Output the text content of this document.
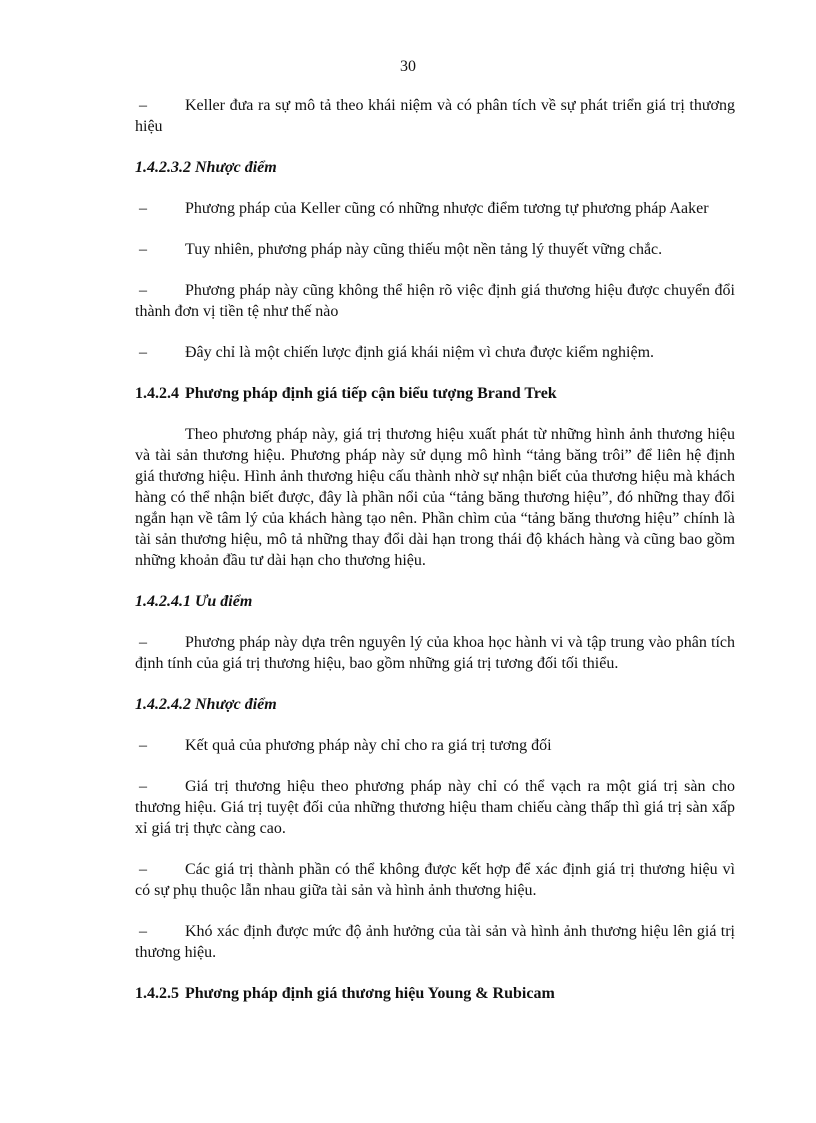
30

– Keller đưa ra sự mô tả theo khái niệm và có phân tích về sự phát triển giá trị thương hiệu

1.4.2.3.2 Nhược điểm

– Phương pháp của Keller cũng có những nhược điểm tương tự phương pháp Aaker

– Tuy nhiên, phương pháp này cũng thiếu một nền tảng lý thuyết vững chắc.

– Phương pháp này cũng không thể hiện rõ việc định giá thương hiệu được chuyển đổi thành đơn vị tiền tệ như thế nào

– Đây chỉ là một chiến lược định giá khái niệm vì chưa được kiểm nghiệm.

1.4.2.4 Phương pháp định giá tiếp cận biểu tượng Brand Trek

Theo phương pháp này, giá trị thương hiệu xuất phát từ những hình ảnh thương hiệu và tài sản thương hiệu. Phương pháp này sử dụng mô hình “tảng băng trôi” để liên hệ định giá thương hiệu. Hình ảnh thương hiệu cấu thành nhờ sự nhận biết của thương hiệu mà khách hàng có thể nhận biết được, đây là phần nổi của “tảng băng thương hiệu”, đó những thay đổi ngắn hạn về tâm lý của khách hàng tạo nên. Phần chìm của “tảng băng thương hiệu” chính là tài sản thương hiệu, mô tả những thay đổi dài hạn trong thái độ khách hàng và cũng bao gồm những khoản đầu tư dài hạn cho thương hiệu.

1.4.2.4.1 Ưu điểm

– Phương pháp này dựa trên nguyên lý của khoa học hành vi và tập trung vào phân tích định tính của giá trị thương hiệu, bao gồm những giá trị tương đối tối thiểu.

1.4.2.4.2 Nhược điểm

– Kết quả của phương pháp này chỉ cho ra giá trị tương đối

– Giá trị thương hiệu theo phương pháp này chỉ có thể vạch ra một giá trị sàn cho thương hiệu. Giá trị tuyệt đối của những thương hiệu tham chiếu càng thấp thì giá trị sàn xấp xỉ giá trị thực càng cao.

– Các giá trị thành phần có thể không được kết hợp để xác định giá trị thương hiệu vì có sự phụ thuộc lẫn nhau giữa tài sản và hình ảnh thương hiệu.

– Khó xác định được mức độ ảnh hưởng của tài sản và hình ảnh thương hiệu lên giá trị thương hiệu.

1.4.2.5 Phương pháp định giá thương hiệu Young & Rubicam
